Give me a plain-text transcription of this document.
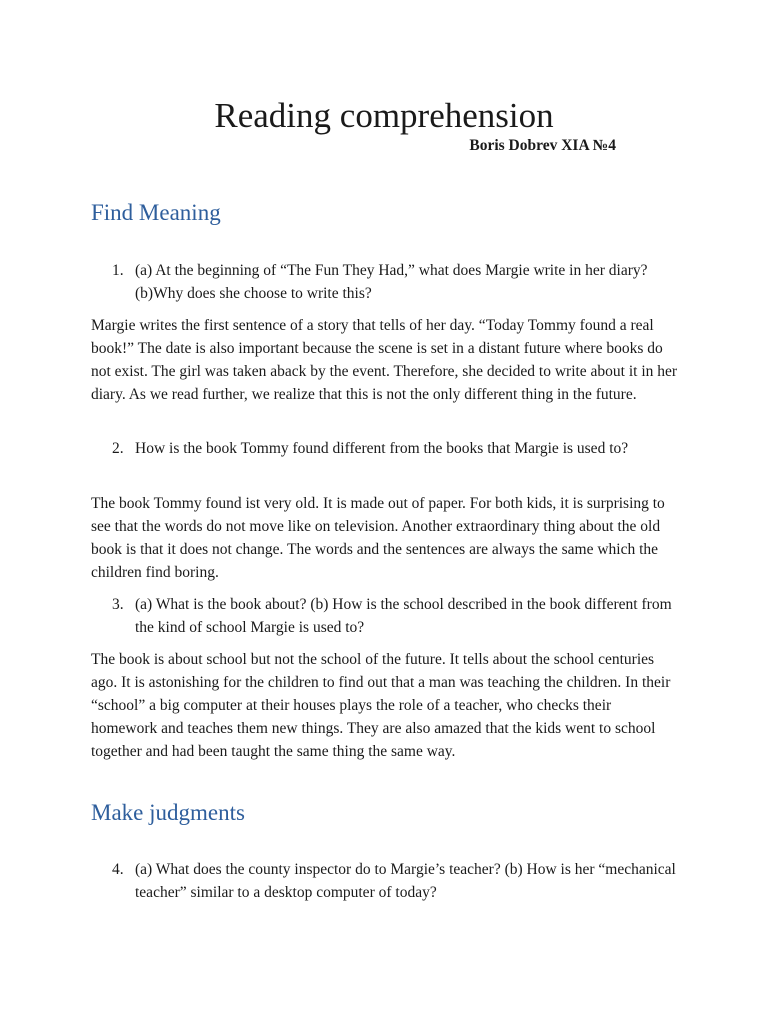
Reading comprehension

Boris Dobrev XIA №4

Find Meaning
1. (a) At the beginning of “The Fun They Had,” what does Margie write in her diary? (b)Why does she choose to write this?

Margie writes the first sentence of a story that tells of her day. “Today Tommy found a real book!” The date is also important because the scene is set in a distant future where books do not exist. The girl was taken aback by the event. Therefore, she decided to write about it in her diary. As we read further, we realize that this is not the only different thing in the future.

2. How is the book Tommy found different from the books that Margie is used to?

The book Tommy found ist very old. It is made out of paper. For both kids, it is surprising to see that the words do not move like on television. Another extraordinary thing about the old book is that it does not change. The words and the sentences are always the same which the children find boring.

3. (a) What is the book about? (b) How is the school described in the book different from the kind of school Margie is used to?

The book is about school but not the school of the future. It tells about the school centuries ago. It is astonishing for the children to find out that a man was teaching the children. In their “school” a big computer at their houses plays the role of a teacher, who checks their homework and teaches them new things. They are also amazed that the kids went to school together and had been taught the same thing the same way.

Make judgments
4. (a) What does the county inspector do to Margie’s teacher? (b) How is her “mechanical teacher” similar to a desktop computer of today?
